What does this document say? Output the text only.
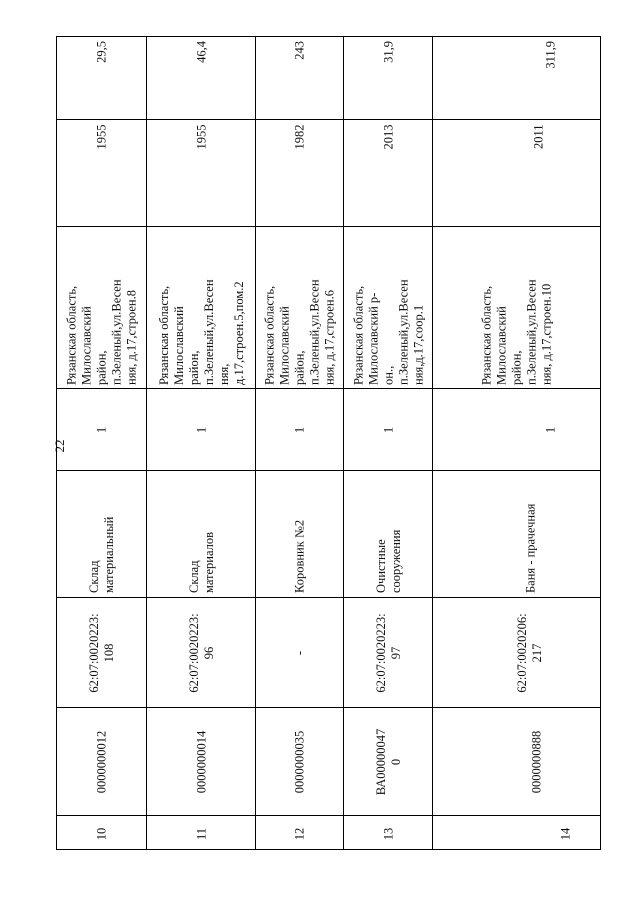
22
29,5
1955
Рязанская область,
Милославский
район,
п.Зеленый,ул.Весен
няя, д.17,строен.8
1
Склад
материальный
62:07:0020223:
108
0000000012
10
46,4
1955
Рязанская область,
Милославский
район,
п.Зеленый,ул.Весен
няя,
д.17,строен.5,пом.2
1
Склад
материалов
62:07:0020223:
96
0000000014
11
243
1982
Рязанская область,
Милославский
район,
п.Зеленый,ул.Весен
няя, д.17,строен.6
1
Коровник №2
-
0000000035
12
31,9
2013
Рязанская область,
Милославский р-
он.,
п.Зеленый,ул.Весен
няя,д.17,соор.1
1
Очистные
сооружения
62:07:0020223:
97
ВА00000047
0
13
311,9
2011
Рязанская область,
Милославский
район,
п.Зеленый,ул.Весен
няя, д.17,строен.10
1
Баня - прачечная
62:07:0020206:
217
0000000888
14
